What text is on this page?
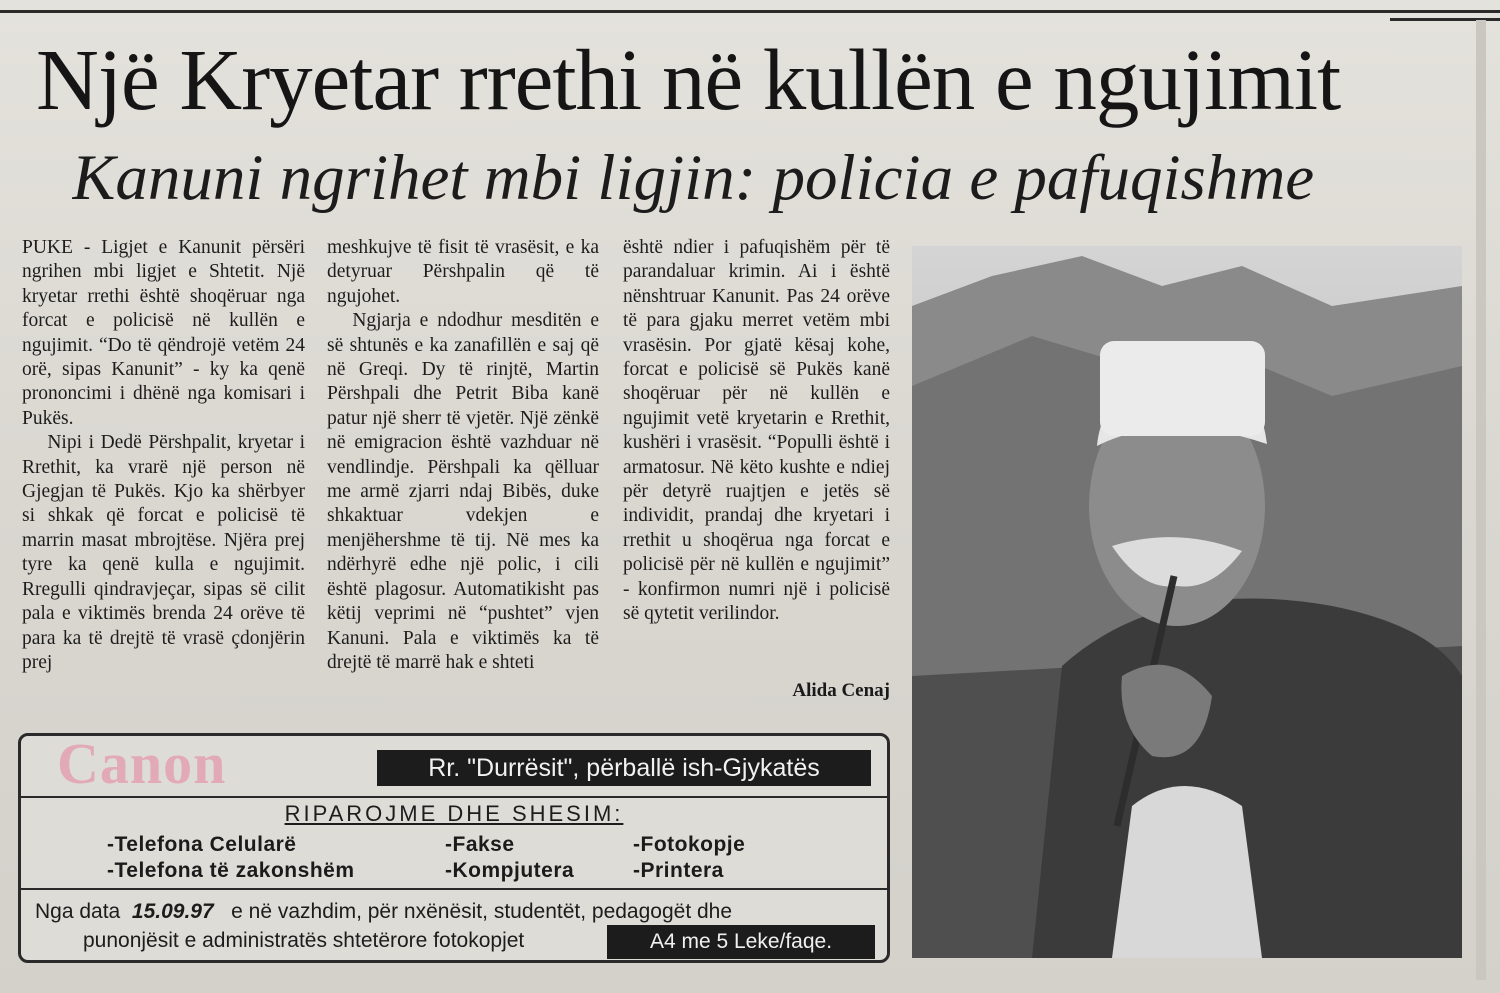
Një Kryetar rrethi në kullën e ngujimit
Kanuni ngrihet mbi ligjin: policia e pafuqishme

PUKE - Ligjet e Kanunit përsëri ngrihen mbi ligjet e Shtetit. Një kryetar rrethi është shoqëruar nga forcat e policisë në kullën e ngujimit. “Do të qëndrojë vetëm 24 orë, sipas Kanunit” - ky ka qenë prononcimi i dhënë nga komisari i Pukës.

Nipi i Dedë Përshpalit, kryetar i Rrethit, ka vrarë një person në Gjegjan të Pukës. Kjo ka shërbyer si shkak që forcat e policisë të marrin masat mbrojtëse. Njëra prej tyre ka qenë kulla e ngujimit. Rregulli qindravjeçar, sipas së cilit pala e viktimës brenda 24 orëve të para ka të drejtë të vrasë çdonjërin prej

meshkujve të fisit të vrasësit, e ka detyruar Përshpalin që të ngujohet.

Ngjarja e ndodhur mesditën e së shtunës e ka zanafillën e saj që në Greqi. Dy të rinjtë, Martin Përshpali dhe Petrit Biba kanë patur një sherr të vjetër. Një zënkë në emigracion është vazhduar në vendlindje. Përshpali ka qëlluar me armë zjarri ndaj Bibës, duke shkaktuar vdekjen e menjëhershme të tij. Në mes ka ndërhyrë edhe një polic, i cili është plagosur. Automatikisht pas këtij veprimi në “pushtet” vjen Kanuni. Pala e viktimës ka të drejtë të marrë hak e shteti

është ndier i pafuqishëm për të parandaluar krimin. Ai i është nënshtruar Kanunit. Pas 24 orëve të para gjaku merret vetëm mbi vrasësin. Por gjatë kësaj kohe, forcat e policisë së Pukës kanë shoqëruar për në kullën e ngujimit vetë kryetarin e Rrethit, kushëri i vrasësit. “Populli është i armatosur. Në këto kushte e ndiej për detyrë ruajtjen e jetës së individit, prandaj dhe kryetari i rrethit u shoqërua nga forcat e policisë për në kullën e ngujimit” - konfirmon numri një i policisë së qytetit verilindor.

Alida Cenaj
Canon	Rr. "Durrësit", përballë ish-Gjykatës
RIPAROJME DHE SHESIM:
-Telefona Celularë	-Fakse	-Fotokopje
-Telefona të zakonshëm	-Kompjutera	-Printera
Nga data 15.09.97 e në vazhdim, për nxënësit, studentët, pedagogët dhe
punonjësit e administratës shtetërore fotokopjet	A4 me 5 Leke/faqe.
